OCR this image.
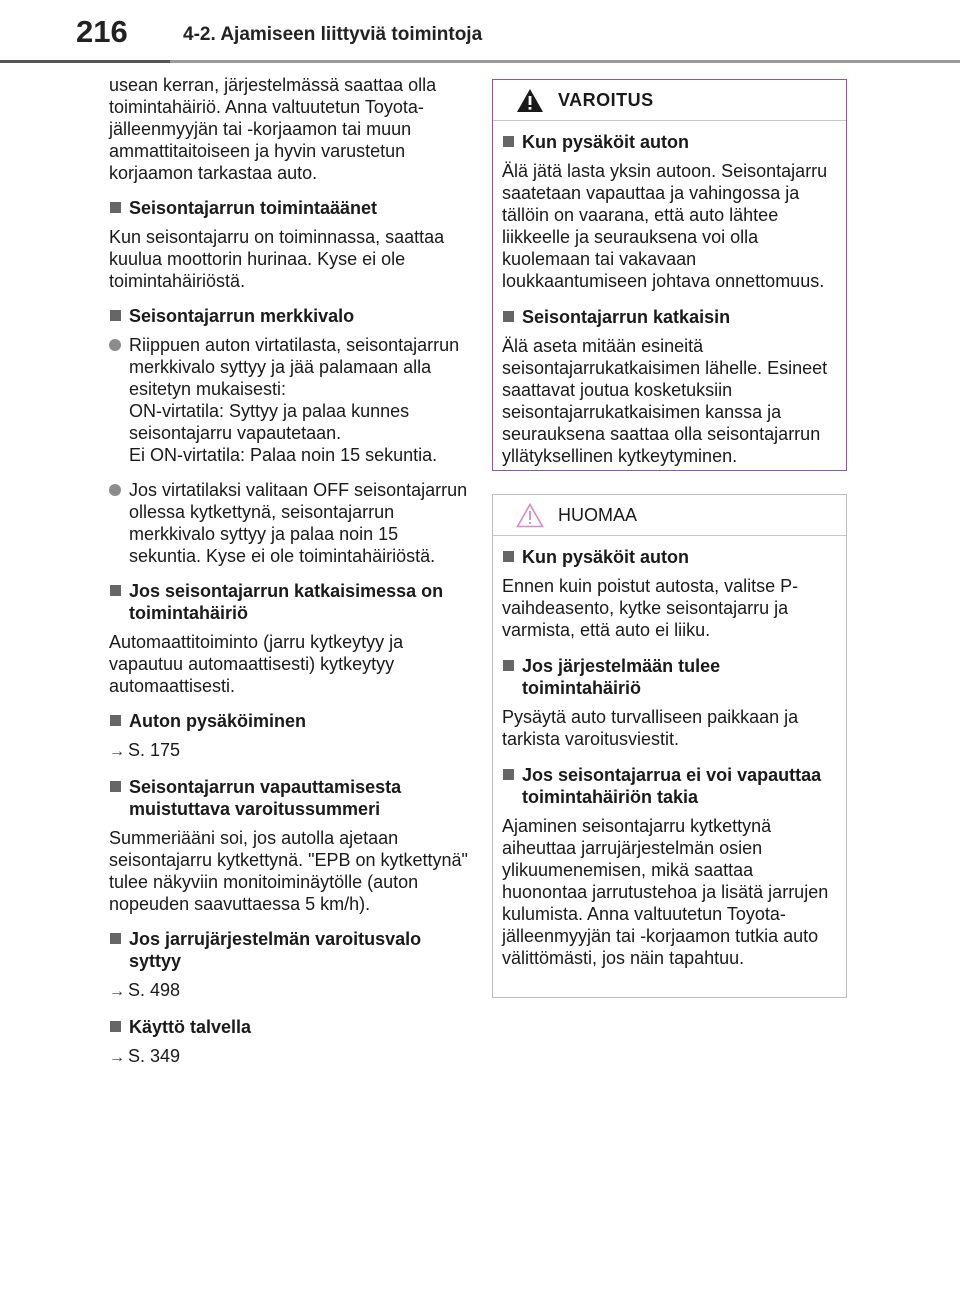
216	4-2. Ajamiseen liittyviä toimintoja

usean kerran, järjestelmässä saattaa olla toimintahäiriö. Anna valtuutetun Toyota-jälleenmyyjän tai -korjaamon tai muun ammattitaitoiseen ja hyvin varustetun korjaamon tarkastaa auto.

Seisontajarrun toimintaäänet

Kun seisontajarru on toiminnassa, saattaa kuulua moottorin hurinaa. Kyse ei ole toimintahäiriöstä.

Seisontajarrun merkkivalo
Riippuen auton virtatilasta, seisontajarrun merkkivalo syttyy ja jää palamaan alla esitetyn mukaisesti:
ON-virtatila: Syttyy ja palaa kunnes seisontajarru vapautetaan.
Ei ON-virtatila: Palaa noin 15 sekuntia.
Jos virtatilaksi valitaan OFF seisontajarrun ollessa kytkettynä, seisontajarrun merkkivalo syttyy ja palaa noin 15 sekuntia. Kyse ei ole toimintahäiriöstä.
Jos seisontajarrun katkaisimessa on toimintahäiriö

Automaattitoiminto (jarru kytkeytyy ja vapautuu automaattisesti) kytkeytyy automaattisesti.

Auton pysäköiminen
→ S. 175
Seisontajarrun vapauttamisesta muistuttava varoitussummeri

Summeriääni soi, jos autolla ajetaan seisontajarru kytkettynä. "EPB on kytkettynä" tulee näkyviin monitoiminäytölle (auton nopeuden saavuttaessa 5 km/h).

Jos jarrujärjestelmän varoitusvalo syttyy
→ S. 498
Käyttö talvella
→ S. 349
VAROITUS
Kun pysäköit auton

Älä jätä lasta yksin autoon. Seisontajarru saatetaan vapauttaa ja vahingossa ja tällöin on vaarana, että auto lähtee liikkeelle ja seurauksena voi olla kuolemaan tai vakavaan loukkaantumiseen johtava onnettomuus.

Seisontajarrun katkaisin

Älä aseta mitään esineitä seisontajarrukatkaisimen lähelle. Esineet saattavat joutua kosketuksiin seisontajarrukatkaisimen kanssa ja seurauksena saattaa olla seisontajarrun yllätyksellinen kytkeytyminen.

HUOMAA
Kun pysäköit auton

Ennen kuin poistut autosta, valitse P-vaihdeasento, kytke seisontajarru ja varmista, että auto ei liiku.

Jos järjestelmään tulee toimintahäiriö

Pysäytä auto turvalliseen paikkaan ja tarkista varoitusviestit.

Jos seisontajarrua ei voi vapauttaa toimintahäiriön takia

Ajaminen seisontajarru kytkettynä aiheuttaa jarrujärjestelmän osien ylikuumenemisen, mikä saattaa huonontaa jarrutustehoa ja lisätä jarrujen kulumista. Anna valtuutetun Toyota-jälleenmyyjän tai -korjaamon tutkia auto välittömästi, jos näin tapahtuu.
